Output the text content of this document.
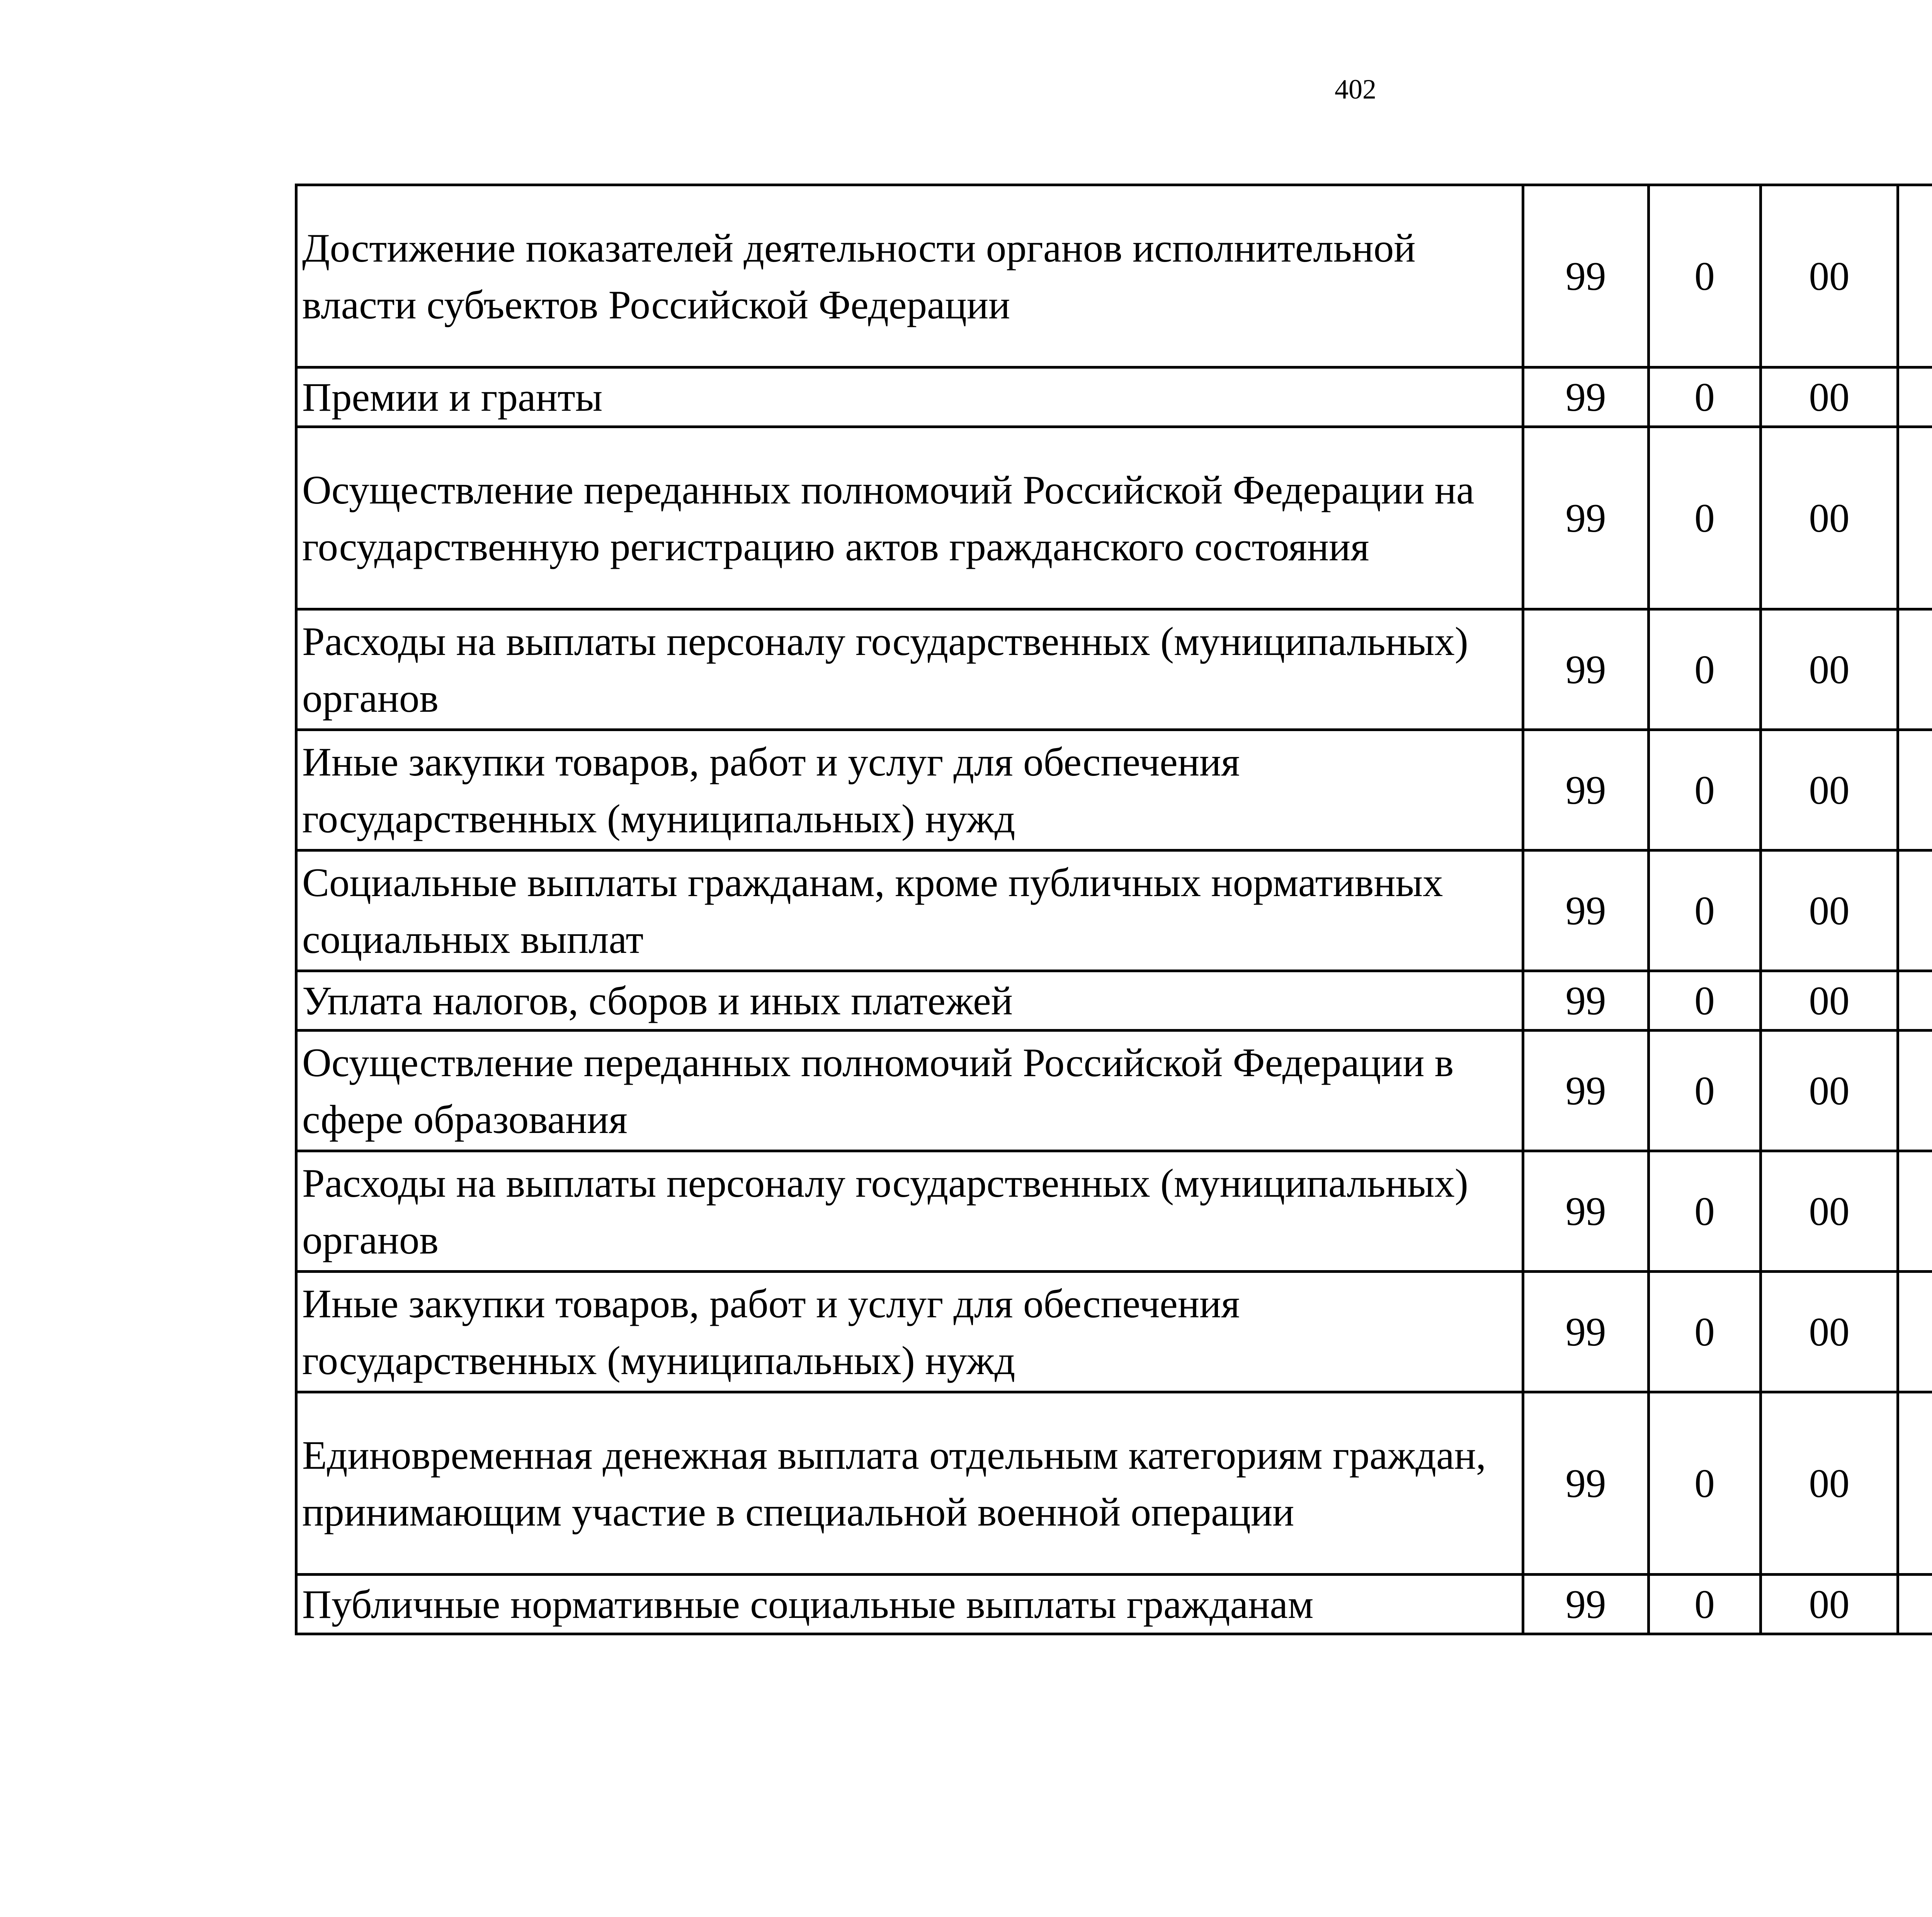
402
Достижение показателей деятельности органов исполнительной власти субъектов Российской Федерации	99	0	00			
Премии и гранты	99	0	00			
Осуществление переданных полномочий Российской Федерации на государственную регистрацию актов гражданского состояния	99	0	00			
Расходы на выплаты персоналу государственных (муниципальных) органов	99	0	00			
Иные закупки товаров, работ и услуг для обеспечения государственных (муниципальных) нужд	99	0	00			
Социальные выплаты гражданам, кроме публичных нормативных социальных выплат	99	0	00			
Уплата налогов, сборов и иных платежей	99	0	00			
Осуществление переданных полномочий Российской Федерации в сфере образования	99	0	00			
Расходы на выплаты персоналу государственных (муниципальных) органов	99	0	00			
Иные закупки товаров, работ и услуг для обеспечения государственных (муниципальных) нужд	99	0	00			
Единовременная денежная выплата отдельным категориям граждан, принимающим участие в специальной военной операции	99	0	00			
Публичные нормативные социальные выплаты гражданам	99	0	00			
